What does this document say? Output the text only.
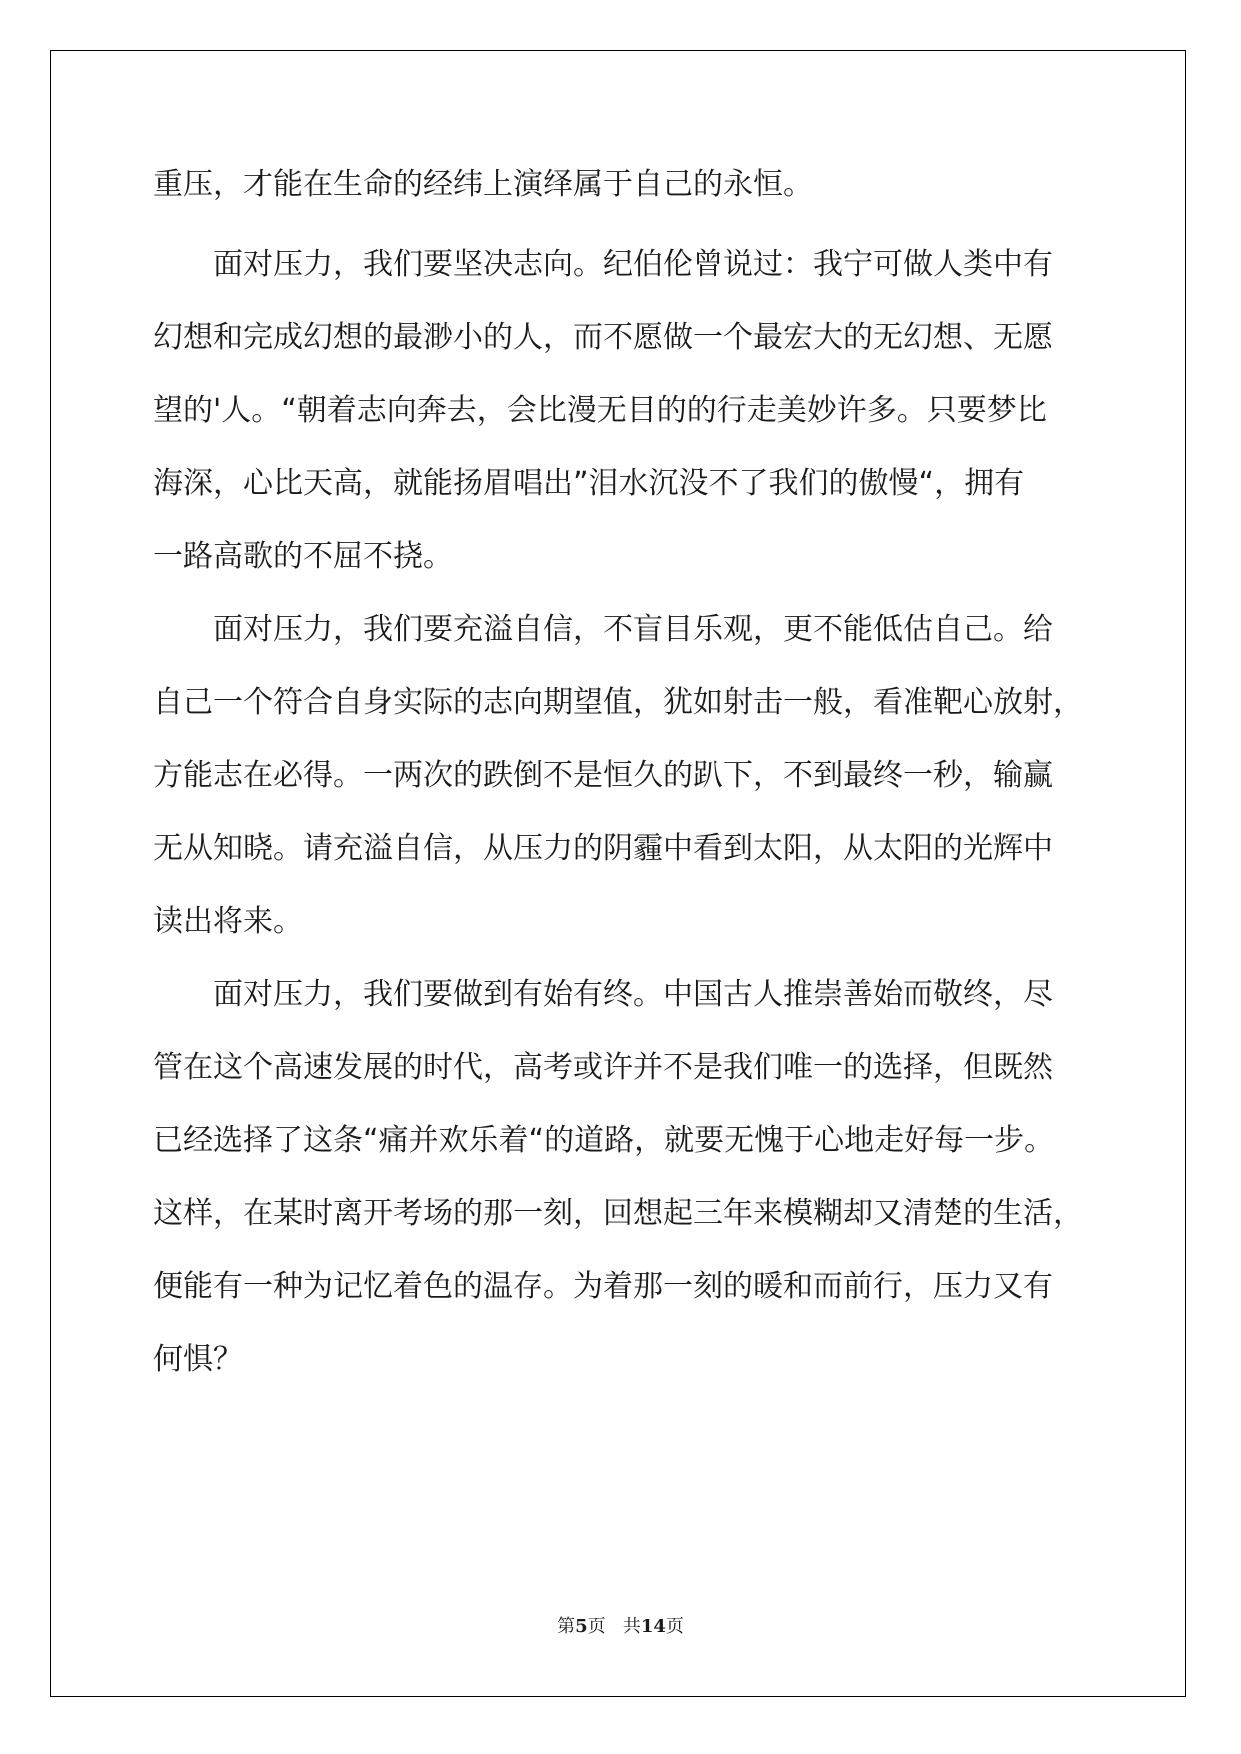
重压，才能在生命的经纬上演绎属于自己的永恒。
　　面对压力，我们要坚决志向。纪伯伦曾说过：我宁可做人类中有
幻想和完成幻想的最渺小的人，而不愿做一个最宏大的无幻想、无愿
望的'人。“朝着志向奔去，会比漫无目的的行走美妙许多。只要梦比
海深，心比天高，就能扬眉唱出”泪水沉没不了我们的傲慢“，拥有
一路高歌的不屈不挠。
　　面对压力，我们要充溢自信，不盲目乐观，更不能低估自己。给
自己一个符合自身实际的志向期望值，犹如射击一般，看准靶心放射，
方能志在必得。一两次的跌倒不是恒久的趴下，不到最终一秒，输赢
无从知晓。请充溢自信，从压力的阴霾中看到太阳，从太阳的光辉中
读出将来。
　　面对压力，我们要做到有始有终。中国古人推崇善始而敬终，尽
管在这个高速发展的时代，高考或许并不是我们唯一的选择，但既然
已经选择了这条“痛并欢乐着“的道路，就要无愧于心地走好每一步。
这样，在某时离开考场的那一刻，回想起三年来模糊却又清楚的生活，
便能有一种为记忆着色的温存。为着那一刻的暖和而前行，压力又有
何惧？
第5页 共14页
